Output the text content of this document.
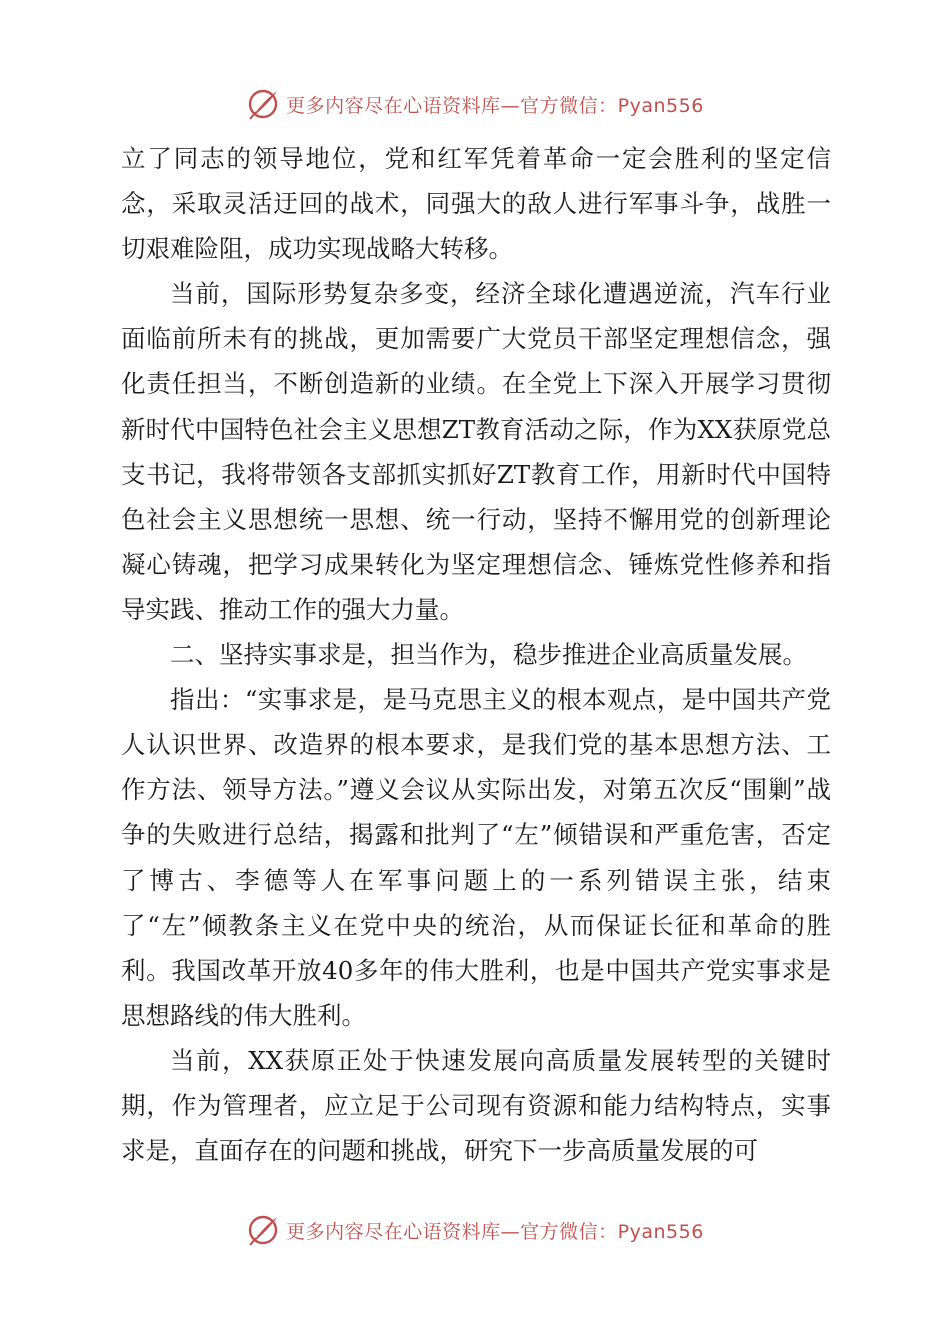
更多内容尽在心语资料库—官方微信：Pyan556

立了同志的领导地位，党和红军凭着革命一定会胜利的坚定信念，采取灵活迂回的战术，同强大的敌人进行军事斗争，战胜一切艰难险阻，成功实现战略大转移。

当前，国际形势复杂多变，经济全球化遭遇逆流，汽车行业面临前所未有的挑战，更加需要广大党员干部坚定理想信念，强化责任担当，不断创造新的业绩。在全党上下深入开展学习贯彻新时代中国特色社会主义思想ZT教育活动之际，作为XX获原党总支书记，我将带领各支部抓实抓好ZT教育工作，用新时代中国特色社会主义思想统一思想、统一行动，坚持不懈用党的创新理论凝心铸魂，把学习成果转化为坚定理想信念、锤炼党性修养和指导实践、推动工作的强大力量。

二、坚持实事求是，担当作为，稳步推进企业高质量发展。

指出：“实事求是，是马克思主义的根本观点，是中国共产党人认识世界、改造界的根本要求，是我们党的基本思想方法、工作方法、领导方法。”遵义会议从实际出发，对第五次反“围剿”战争的失败进行总结，揭露和批判了“左”倾错误和严重危害，否定了博古、李德等人在军事问题上的一系列错误主张，结束了“左”倾教条主义在党中央的统治，从而保证长征和革命的胜利。我国改革开放40多年的伟大胜利，也是中国共产党实事求是思想路线的伟大胜利。

当前，XX获原正处于快速发展向高质量发展转型的关键时期，作为管理者，应立足于公司现有资源和能力结构特点，实事求是，直面存在的问题和挑战，研究下一步高质量发展的可

更多内容尽在心语资料库—官方微信：Pyan556
